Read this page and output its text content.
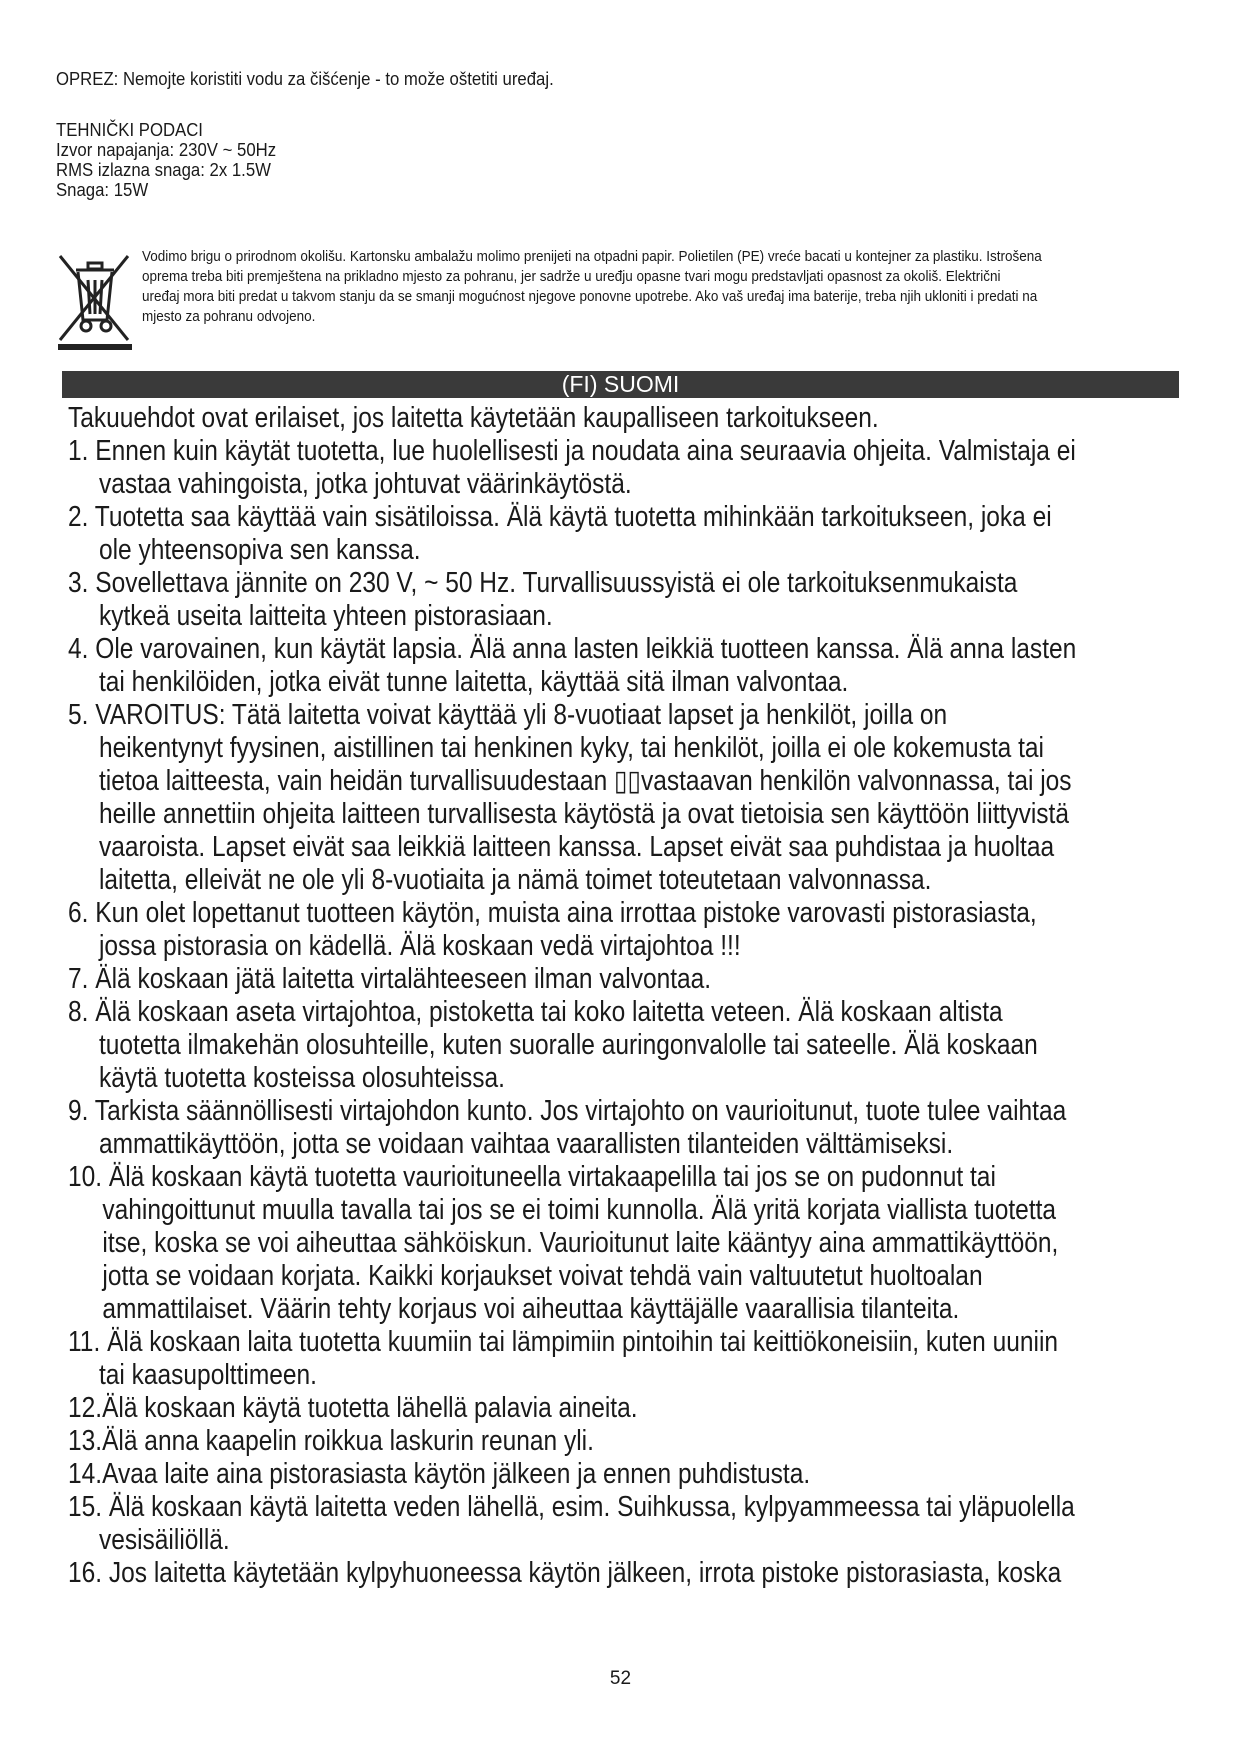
OPREZ: Nemojte koristiti vodu za čišćenje - to može oštetiti uređaj.
TEHNIČKI PODACI
Izvor napajanja: 230V ~ 50Hz
RMS izlazna snaga: 2x 1.5W
Snaga: 15W
Vodimo brigu o prirodnom okolišu. Kartonsku ambalažu molimo prenijeti na otpadni papir. Polietilen (PE) vreće bacati u kontejner za plastiku. Istrošena
oprema treba biti premještena na prikladno mjesto za pohranu, jer sadrže u uređju opasne tvari mogu predstavljati opasnost za okoliš. Električni
uređaj mora biti predat u takvom stanju da se smanji mogućnost njegove ponovne upotrebe. Ako vaš uređaj ima baterije, treba njih ukloniti i predati na
mjesto za pohranu odvojeno.
(FI) SUOMI
Takuuehdot ovat erilaiset, jos laitetta käytetään kaupalliseen tarkoitukseen.
1. Ennen kuin käytät tuotetta, lue huolellisesti ja noudata aina seuraavia ohjeita. Valmistaja ei
vastaa vahingoista, jotka johtuvat väärinkäytöstä.
2. Tuotetta saa käyttää vain sisätiloissa. Älä käytä tuotetta mihinkään tarkoitukseen, joka ei
ole yhteensopiva sen kanssa.
3. Sovellettava jännite on 230 V, ~ 50 Hz. Turvallisuussyistä ei ole tarkoituksenmukaista
kytkeä useita laitteita yhteen pistorasiaan.
4. Ole varovainen, kun käytät lapsia. Älä anna lasten leikkiä tuotteen kanssa. Älä anna lasten
tai henkilöiden, jotka eivät tunne laitetta, käyttää sitä ilman valvontaa.
5. VAROITUS: Tätä laitetta voivat käyttää yli 8-vuotiaat lapset ja henkilöt, joilla on
heikentynyt fyysinen, aistillinen tai henkinen kyky, tai henkilöt, joilla ei ole kokemusta tai
tietoa laitteesta, vain heidän turvallisuudestaan ▯▯vastaavan henkilön valvonnassa, tai jos
heille annettiin ohjeita laitteen turvallisesta käytöstä ja ovat tietoisia sen käyttöön liittyvistä
vaaroista. Lapset eivät saa leikkiä laitteen kanssa. Lapset eivät saa puhdistaa ja huoltaa
laitetta, elleivät ne ole yli 8-vuotiaita ja nämä toimet toteutetaan valvonnassa.
6. Kun olet lopettanut tuotteen käytön, muista aina irrottaa pistoke varovasti pistorasiasta,
jossa pistorasia on kädellä. Älä koskaan vedä virtajohtoa !!!
7. Älä koskaan jätä laitetta virtalähteeseen ilman valvontaa.
8. Älä koskaan aseta virtajohtoa, pistoketta tai koko laitetta veteen. Älä koskaan altista
tuotetta ilmakehän olosuhteille, kuten suoralle auringonvalolle tai sateelle. Älä koskaan
käytä tuotetta kosteissa olosuhteissa.
9. Tarkista säännöllisesti virtajohdon kunto. Jos virtajohto on vaurioitunut, tuote tulee vaihtaa
ammattikäyttöön, jotta se voidaan vaihtaa vaarallisten tilanteiden välttämiseksi.
10. Älä koskaan käytä tuotetta vaurioituneella virtakaapelilla tai jos se on pudonnut tai
vahingoittunut muulla tavalla tai jos se ei toimi kunnolla. Älä yritä korjata viallista tuotetta
itse, koska se voi aiheuttaa sähköiskun. Vaurioitunut laite kääntyy aina ammattikäyttöön,
jotta se voidaan korjata. Kaikki korjaukset voivat tehdä vain valtuutetut huoltoalan
ammattilaiset. Väärin tehty korjaus voi aiheuttaa käyttäjälle vaarallisia tilanteita.
11. Älä koskaan laita tuotetta kuumiin tai lämpimiin pintoihin tai keittiökoneisiin, kuten uuniin
tai kaasupolttimeen.
12.Älä koskaan käytä tuotetta lähellä palavia aineita.
13.Älä anna kaapelin roikkua laskurin reunan yli.
14.Avaa laite aina pistorasiasta käytön jälkeen ja ennen puhdistusta.
15. Älä koskaan käytä laitetta veden lähellä, esim. Suihkussa, kylpyammeessa tai yläpuolella
vesisäiliöllä.
16. Jos laitetta käytetään kylpyhuoneessa käytön jälkeen, irrota pistoke pistorasiasta, koska
52
